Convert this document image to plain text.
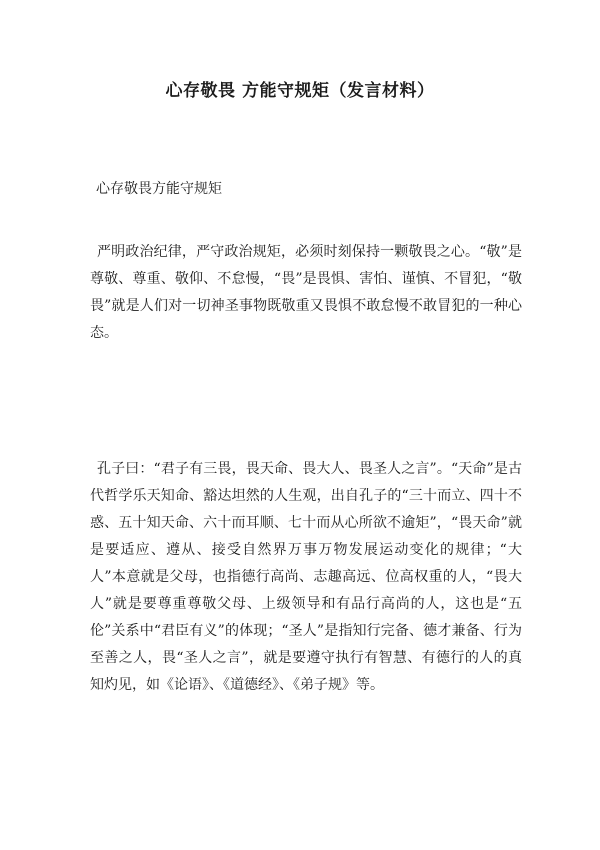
心存敬畏 方能守规矩（发言材料）

心存敬畏方能守规矩

严明政治纪律，严守政治规矩，必须时刻保持一颗敬畏之心。“敬”是尊敬、尊重、敬仰、不怠慢，“畏”是畏惧、害怕、谨慎、不冒犯，“敬畏”就是人们对一切神圣事物既敬重又畏惧不敢怠慢不敢冒犯的一种心态。

孔子曰：“君子有三畏，畏天命、畏大人、畏圣人之言”。“天命”是古代哲学乐天知命、豁达坦然的人生观，出自孔子的“三十而立、四十不惑、五十知天命、六十而耳顺、七十而从心所欲不逾矩”，“畏天命”就是要适应、遵从、接受自然界万事万物发展运动变化的规律；“大人”本意就是父母，也指德行高尚、志趣高远、位高权重的人，“畏大人”就是要尊重尊敬父母、上级领导和有品行高尚的人，这也是“五伦”关系中“君臣有义”的体现；“圣人”是指知行完备、德才兼备、行为至善之人，畏“圣人之言”，就是要遵守执行有智慧、有德行的人的真知灼见，如《论语》、《道德经》、《弟子规》等。
